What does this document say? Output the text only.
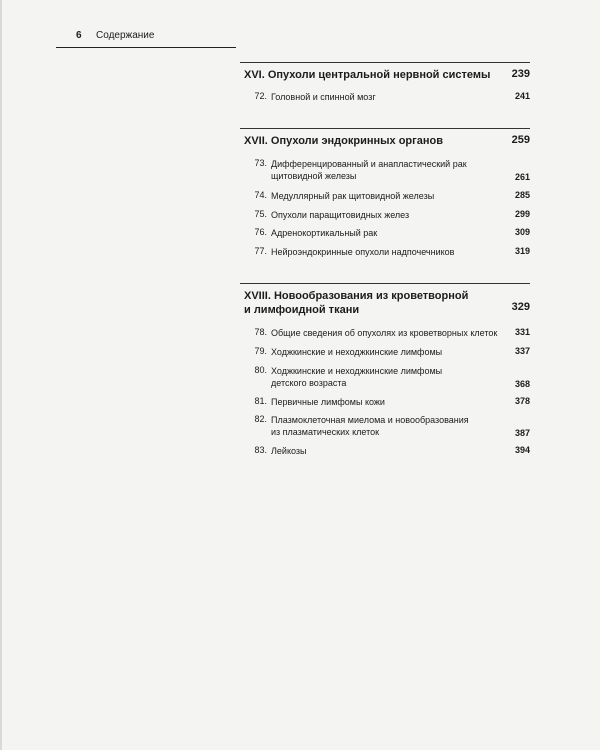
6 Содержание
XVI. Опухоли центральной нервной системы 239
72. Головной и спинной мозг	241
XVII. Опухоли эндокринных органов	259
73. Дифференцированный и анапластический рак
щитовидной железы	261
74. Медуллярный рак щитовидной железы	285
75. Опухоли паращитовидных желез	299
76. Адренокортикальный рак	309
77. Нейроэндокринные опухоли надпочечников	319
XVIII. Новообразования из кроветворной
и лимфоидной ткани	329
78. Общие сведения об опухолях из кроветворных клеток 331
79. Ходжкинские и неходжкинские лимфомы	337
80. Ходжкинские и неходжкинские лимфомы
детского возраста	368
81. Первичные лимфомы кожи	378
82. Плазмоклеточная миелома и новообразования
из плазматических клеток	387
83. Лейкозы	394
